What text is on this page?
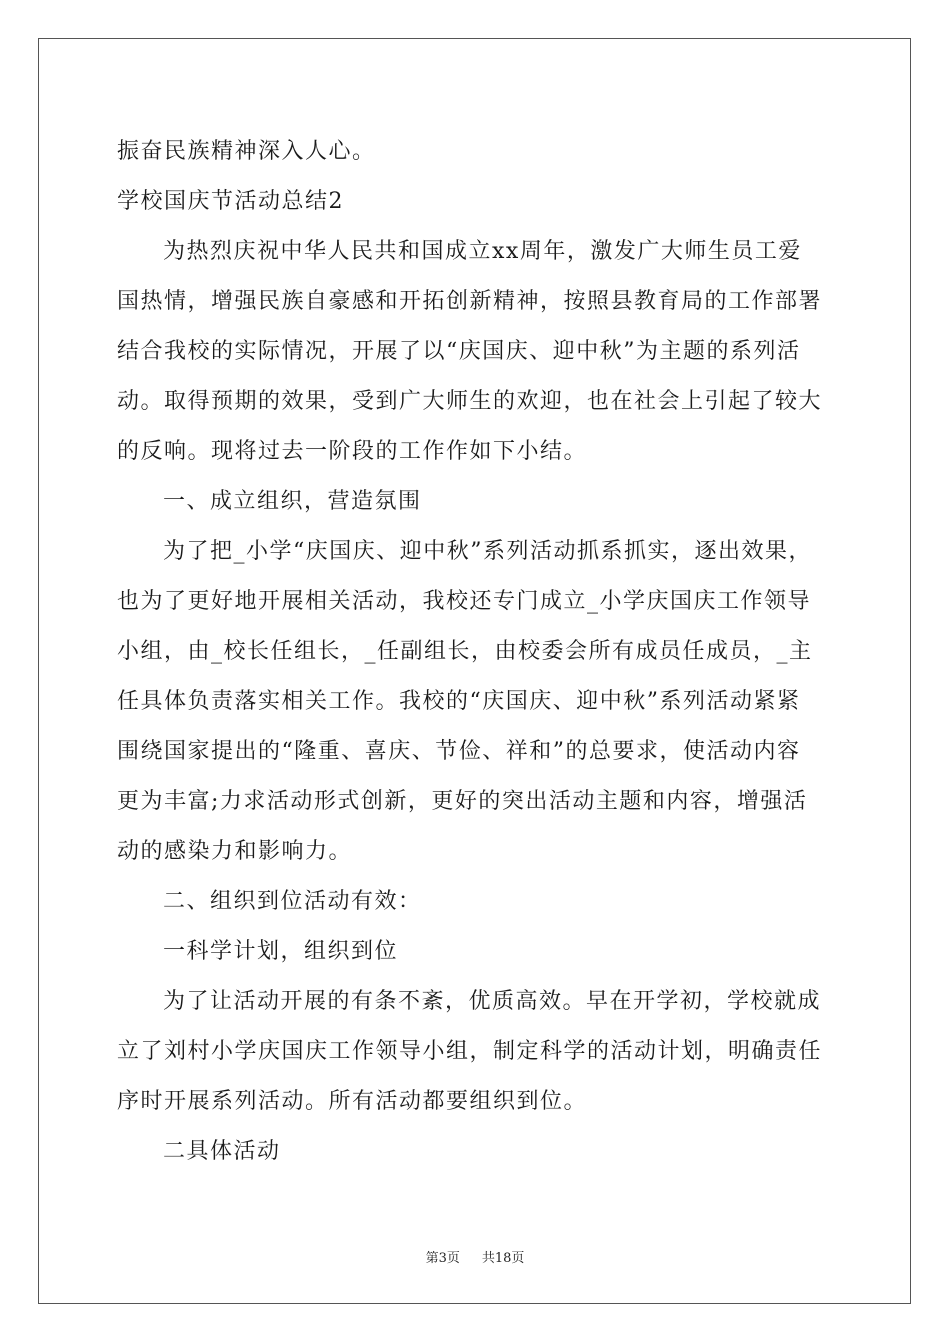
振奋民族精神深入人心。
学校国庆节活动总结2
为热烈庆祝中华人民共和国成立xx周年，激发广大师生员工爱
国热情，增强民族自豪感和开拓创新精神，按照县教育局的工作部署
结合我校的实际情况，开展了以“庆国庆、迎中秋”为主题的系列活
动。取得预期的效果，受到广大师生的欢迎，也在社会上引起了较大
的反响。现将过去一阶段的工作作如下小结。
一、成立组织，营造氛围
为了把_小学“庆国庆、迎中秋”系列活动抓系抓实，逐出效果，
也为了更好地开展相关活动，我校还专门成立_小学庆国庆工作领导
小组，由_校长任组长，_任副组长，由校委会所有成员任成员，_主
任具体负责落实相关工作。我校的“庆国庆、迎中秋”系列活动紧紧
围绕国家提出的“隆重、喜庆、节俭、祥和”的总要求，使活动内容
更为丰富;力求活动形式创新，更好的突出活动主题和内容，增强活
动的感染力和影响力。
二、组织到位活动有效：
一科学计划，组织到位
为了让活动开展的有条不紊，优质高效。早在开学初，学校就成
立了刘村小学庆国庆工作领导小组，制定科学的活动计划，明确责任
序时开展系列活动。所有活动都要组织到位。
二具体活动
第3页 共18页
